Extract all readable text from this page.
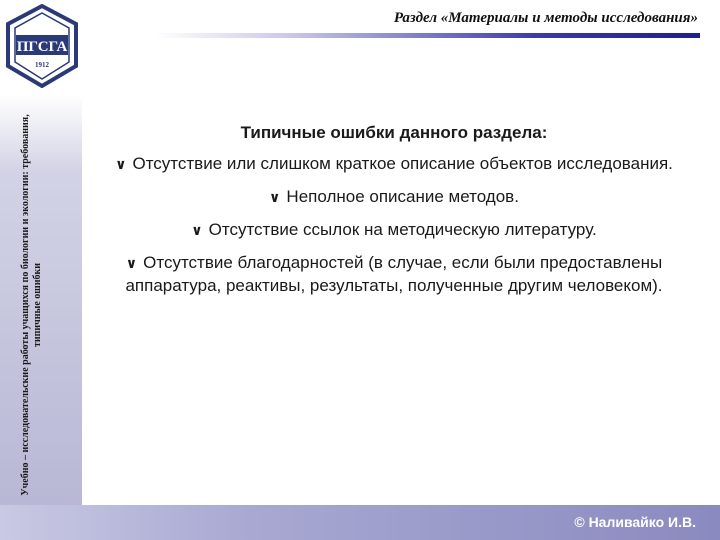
ПГСГА
1912
Учебно – исследовательские работы учащихся по биологии и экологии: требования, типичные ошибки
Раздел «Материалы и методы исследования»
Типичные ошибки данного раздела:
∨ Отсутствие или слишком краткое описание объектов исследования.
∨ Неполное описание методов.
∨ Отсутствие ссылок на методическую литературу.
∨ Отсутствие благодарностей (в случае, если были предоставлены аппаратура, реактивы, результаты, полученные другим человеком).
© Наливайко И.В.
